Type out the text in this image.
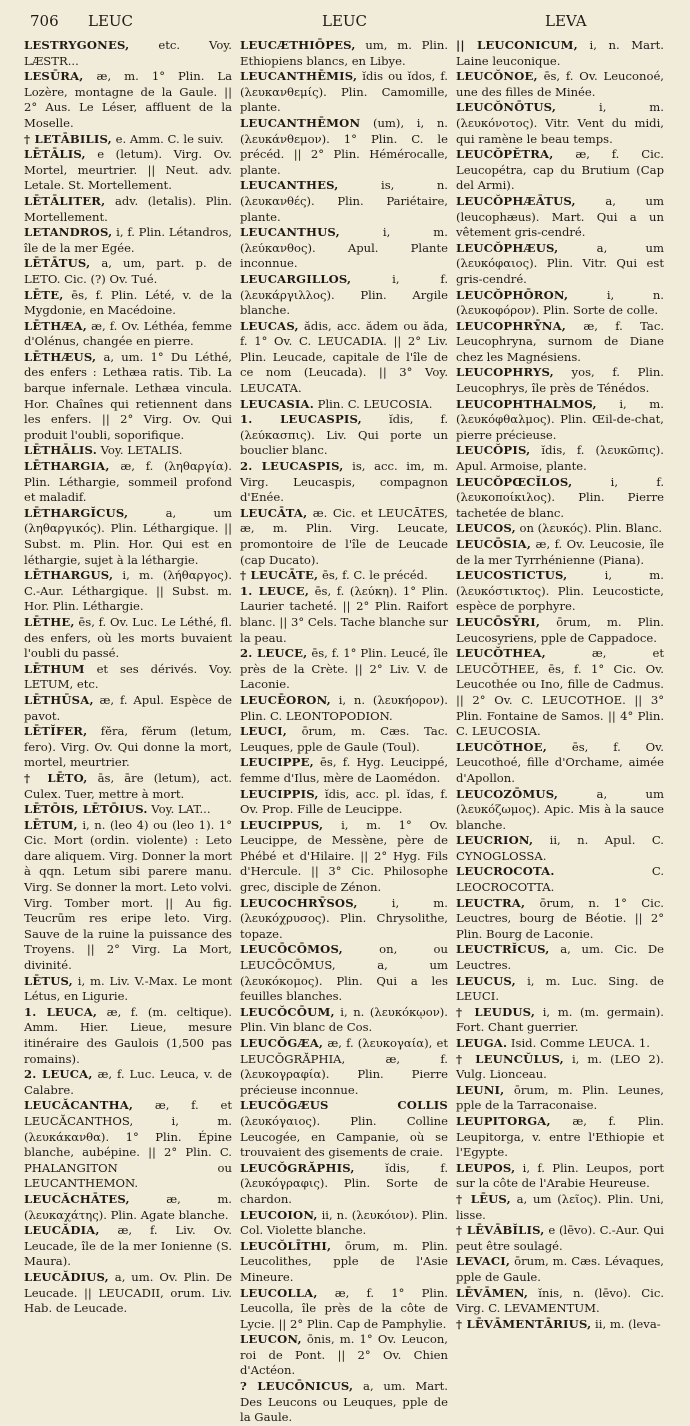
706 LEUC	LEUC	LEVA

LESTRYGONES, etc. Voy. LÆSTR...

LESŪRA, æ, m. 1° Plin. La Lozère, montagne de la Gaule. || 2° Aus. Le Léser, affluent de la Moselle.

† LETĀBILIS, e. Amm. C. le suiv.

LĒTĀLIS, e (letum). Virg. Ov. Mortel, meurtrier. || Neut. adv. Letale. St. Mortellement.

LĒTĀLITER, adv. (letalis). Plin. Mortellement.

LETANDROS, i, f. Plin. Létandros, île de la mer Egée.

LĒTĀTUS, a, um, part. p. de LETO. Cic. (?) Ov. Tué.

LĒTE, ēs, f. Plin. Lété, v. de la Mygdonie, en Macédoine.

LĒTHÆA, æ, f. Ov. Léthéa, femme d'Olénus, changée en pierre.

LĒTHÆUS, a, um. 1° Du Léthé, des enfers : Lethæa ratis. Tib. La barque infernale. Lethæa vincula. Hor. Chaînes qui retiennent dans les enfers. || 2° Virg. Ov. Qui produit l'oubli, soporifique.

LĒTHĀLIS. Voy. LETALIS.

LĒTHARGIA, æ, f. (ληθαργία). Plin. Léthargie, sommeil profond et maladif.

LĒTHARGĬCUS, a, um (ληθαργικός). Plin. Léthargique. || Subst. m. Plin. Hor. Qui est en léthargie, sujet à la léthargie.

LĒTHARGUS, i, m. (λήθαργος). C.-Aur. Léthargique. || Subst. m. Hor. Plin. Léthargie.

LĒTHE, ēs, f. Ov. Luc. Le Léthé, fl. des enfers, où les morts buvaient l'oubli du passé.

LĒTHUM et ses dérivés. Voy. LETUM, etc.

LĒTHŪSA, æ, f. Apul. Espèce de pavot.

LĒTĬFER, fĕra, fĕrum (letum, fero). Virg. Ov. Qui donne la mort, mortel, meurtrier.

† LĒTO, ās, āre (letum), act. Culex. Tuer, mettre à mort.

LĒTŌIS, LĒTŌIUS. Voy. LAT...

LĒTUM, i, n. (leo 4) ou (leo 1). 1° Cic. Mort (ordin. violente) : Leto dare aliquem. Virg. Donner la mort à qqn. Letum sibi parere manu. Virg. Se donner la mort. Leto volvi. Virg. Tomber mort. || Au fig. Teucrūm res eripe leto. Virg. Sauve de la ruine la puissance des Troyens. || 2° Virg. La Mort, divinité.

LĒTUS, i, m. Liv. V.-Max. Le mont Létus, en Ligurie.

1. LEUCA, æ, f. (m. celtique). Amm. Hier. Lieue, mesure itinéraire des Gaulois (1,500 pas romains).

2. LEUCA, æ, f. Luc. Leuca, v. de Calabre.

LEUCĂCANTHA, æ, f. et LEUCĂCANTHOS, i, m. (λευκάκανθα). 1° Plin. Épine blanche, aubépine. || 2° Plin. C. PHALANGITON ou LEUCANTHEMON.

LEUCĂCHĀTES, æ, m. (λευκαχάτης). Plin. Agate blanche.

LEUCĂDIA, æ, f. Liv. Ov. Leucade, île de la mer Ionienne (S. Maura).

LEUCĂDIUS, a, um. Ov. Plin. De Leucade. || LEUCADII, orum. Liv. Hab. de Leucade.

LEUCÆTHIŌPES, um, m. Plin. Ethiopiens blancs, en Libye.

LEUCANTHĒMIS, ĭdis ou ĭdos, f. (λευκανθεμίς). Plin. Camomille, plante.

LEUCANTHĒMON (um), i, n. (λευκάνθεμον). 1° Plin. C. le précéd. || 2° Plin. Hémérocalle, plante.

LEUCANTHES, is, n. (λευκανθές). Plin. Pariétaire, plante.

LEUCANTHUS, i, m. (λεύκανθος). Apul. Plante inconnue.

LEUCARGILLOS, i, f. (λευκάργιλλος). Plin. Argile blanche.

LEUCAS, ădis, acc. ădem ou ăda, f. 1° Ov. C. LEUCADIA. || 2° Liv. Plin. Leucade, capitale de l'île de ce nom (Leucada). || 3° Voy. LEUCATA.

LEUCASIA. Plin. C. LEUCOSIA.

1. LEUCASPIS, ĭdis, f. (λεύκασπις). Liv. Qui porte un bouclier blanc.

2. LEUCASPIS, is, acc. im, m. Virg. Leucaspis, compagnon d'Enée.

LEUCĀTA, æ. Cic. et LEUCĀTES, æ, m. Plin. Virg. Leucate, promontoire de l'île de Leucade (cap Ducato).

† LEUCĀTE, ēs, f. C. le précéd.

1. LEUCE, ēs, f. (λεύκη). 1° Plin. Laurier tacheté. || 2° Plin. Raifort blanc. || 3° Cels. Tache blanche sur la peau.

2. LEUCE, ēs, f. 1° Plin. Leucé, île près de la Crète. || 2° Liv. V. de Laconie.

LEUCĒORON, i, n. (λευκήορον). Plin. C. LEONTOPODION.

LEUCI, ōrum, m. Cæs. Tac. Leuques, pple de Gaule (Toul).

LEUCIPPE, ēs, f. Hyg. Leucippé, femme d'Ilus, mère de Laomédon.

LEUCIPPIS, ĭdis, acc. pl. ĭdas, f. Ov. Prop. Fille de Leucippe.

LEUCIPPUS, i, m. 1° Ov. Leucippe, de Messène, père de Phébé et d'Hilaire. || 2° Hyg. Fils d'Hercule. || 3° Cic. Philosophe grec, disciple de Zénon.

LEUCOCHRȲSOS, i, m. (λευκόχρυσος). Plin. Chrysolithe, topaze.

LEUCŌCŌMOS, on, ou LEUCŌCŌMUS, a, um (λευκόκομος). Plin. Qui a les feuilles blanches.

LEUCŎCŌUM, i, n. (λευκόκῳον). Plin. Vin blanc de Cos.

LEUCŎGÆA, æ, f. (λευκογαία), et LEUCŎGRĂPHIA, æ, f. (λευκογραφία). Plin. Pierre précieuse inconnue.

LEUCŎGÆUS COLLIS (λευκόγαιος). Plin. Colline Leucogée, en Campanie, où se trouvaient des gisements de craie.

LEUCŎGRĂPHIS, ĭdis, f. (λευκόγραφις). Plin. Sorte de chardon.

LEUCOION, ii, n. (λευκόιον). Plin. Col. Violette blanche.

LEUCŎLĪTHI, ōrum, m. Plin. Leucolithes, pple de l'Asie Mineure.

LEUCOLLA, æ, f. 1° Plin. Leucolla, île près de la côte de Lycie. || 2° Plin. Cap de Pamphylie.

LEUCON, ōnis, m. 1° Ov. Leucon, roi de Pont. || 2° Ov. Chien d'Actéon.

? LEUCŌNICUS, a, um. Mart. Des Leucons ou Leuques, pple de la Gaule.

|| LEUCONICUM, i, n. Mart. Laine leuconique.

LEUCŎNOE, ēs, f. Ov. Leuconoé, une des filles de Minée.

LEUCŎNŌTUS, i, m. (λευκόνοτος). Vitr. Vent du midi, qui ramène le beau temps.

LEUCŎPĔTRA, æ, f. Cic. Leucopétra, cap du Brutium (Cap del Armi).

LEUCŎPHÆĀTUS, a, um (leucophæus). Mart. Qui a un vêtement gris-cendré.

LEUCŎPHÆUS, a, um (λευκόφαιος). Plin. Vitr. Qui est gris-cendré.

LEUCŎPHŌRON, i, n. (λευκοφόρον). Plin. Sorte de colle.

LEUCOPHRȲNA, æ, f. Tac. Leucophryna, surnom de Diane chez les Magnésiens.

LEUCOPHRYS, yos, f. Plin. Leucophrys, île près de Ténédos.

LEUCOPHTHALMOS, i, m. (λευκόφθαλμος). Plin. Œil-de-chat, pierre précieuse.

LEUCŎPIS, ĭdis, f. (λευκῶπις). Apul. Armoise, plante.

LEUCŎPŒCĬLOS, i, f. (λευκοποίκιλος). Plin. Pierre tachetée de blanc.

LEUCOS, on (λευκός). Plin. Blanc.

LEUCŌSIA, æ, f. Ov. Leucosie, île de la mer Tyrrhénienne (Piana).

LEUCOSTICTUS, i, m. (λευκόστικτος). Plin. Leucosticte, espèce de porphyre.

LEUCŌSȲRI, ōrum, m. Plin. Leucosyriens, pple de Cappadoce.

LEUCŎTHEA, æ, et LEUCŎTHEE, ēs, f. 1° Cic. Ov. Leucothée ou Ino, fille de Cadmus. || 2° Ov. C. LEUCOTHOE. || 3° Plin. Fontaine de Samos. || 4° Plin. C. LEUCOSIA.

LEUCŎTHOE, ēs, f. Ov. Leucothoé, fille d'Orchame, aimée d'Apollon.

LEUCOZŌMUS, a, um (λευκόζωμος). Apic. Mis à la sauce blanche.

LEUCRION, ii, n. Apul. C. CYNOGLOSSA.

LEUCROCOTA. C. LEOCROCOTTA.

LEUCTRA, ōrum, n. 1° Cic. Leuctres, bourg de Béotie. || 2° Plin. Bourg de Laconie.

LEUCTRĬCUS, a, um. Cic. De Leuctres.

LEUCUS, i, m. Luc. Sing. de LEUCI.

† LEUDUS, i, m. (m. germain). Fort. Chant guerrier.

LEUGA. Isid. Comme LEUCA. 1.

† LEUNCŬLUS, i, m. (LEO 2). Vulg. Lionceau.

LEUNI, ōrum, m. Plin. Leunes, pple de la Tarraconaise.

LEUPITORGA, æ, f. Plin. Leupitorga, v. entre l'Ethiopie et l'Egypte.

LEUPOS, i, f. Plin. Leupos, port sur la côte de l'Arabie Heureuse.

† LĒUS, a, um (λεῖος). Plin. Uni, lisse.

† LĒVĀBĬLIS, e (lēvo). C.-Aur. Qui peut être soulagé.

LEVACI, ōrum, m. Cæs. Lévaques, pple de Gaule.

LĒVĀMEN, ĭnis, n. (lēvo). Cic. Virg. C. LEVAMENTUM.

† LĒVĀMENTĀRIUS, ii, m. (leva-
